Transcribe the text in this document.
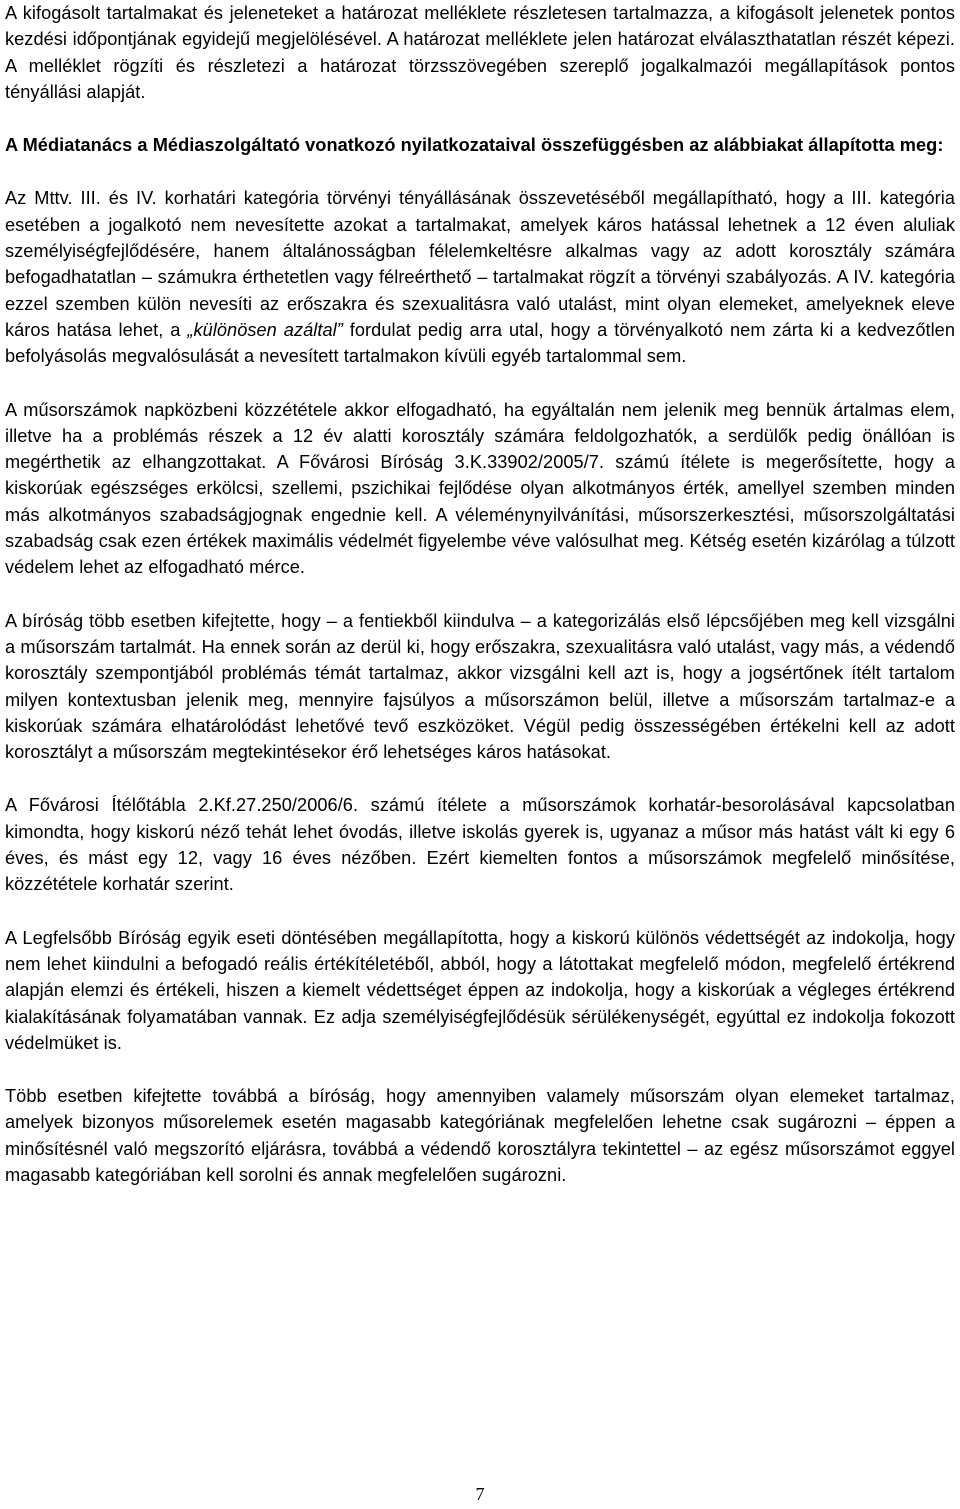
A kifogásolt tartalmakat és jeleneteket a határozat melléklete részletesen tartalmazza, a kifogásolt jelenetek pontos kezdési időpontjának egyidejű megjelölésével. A határozat melléklete jelen határozat elválaszthatatlan részét képezi. A melléklet rögzíti és részletezi a határozat törzsszövegében szereplő jogalkalmazói megállapítások pontos tényállási alapját.

A Médiatanács a Médiaszolgáltató vonatkozó nyilatkozataival összefüggésben az alábbiakat állapította meg:

Az Mttv. III. és IV. korhatári kategória törvényi tényállásának összevetéséből megállapítható, hogy a III. kategória esetében a jogalkotó nem nevesítette azokat a tartalmakat, amelyek káros hatással lehetnek a 12 éven aluliak személyiségfejlődésére, hanem általánosságban félelemkeltésre alkalmas vagy az adott korosztály számára befogadhatatlan – számukra érthetetlen vagy félreérthető – tartalmakat rögzít a törvényi szabályozás. A IV. kategória ezzel szemben külön nevesíti az erőszakra és szexualitásra való utalást, mint olyan elemeket, amelyeknek eleve káros hatása lehet, a „különösen azáltal” fordulat pedig arra utal, hogy a törvényalkotó nem zárta ki a kedvezőtlen befolyásolás megvalósulását a nevesített tartalmakon kívüli egyéb tartalommal sem.

A műsorszámok napközbeni közzététele akkor elfogadható, ha egyáltalán nem jelenik meg bennük ártalmas elem, illetve ha a problémás részek a 12 év alatti korosztály számára feldolgozhatók, a serdülők pedig önállóan is megérthetik az elhangzottakat. A Fővárosi Bíróság 3.K.33902/2005/7. számú ítélete is megerősítette, hogy a kiskorúak egészséges erkölcsi, szellemi, pszichikai fejlődése olyan alkotmányos érték, amellyel szemben minden más alkotmányos szabadságjognak engednie kell. A véleménynyilvánítási, műsorszerkesztési, műsorszolgáltatási szabadság csak ezen értékek maximális védelmét figyelembe véve valósulhat meg. Kétség esetén kizárólag a túlzott védelem lehet az elfogadható mérce.

A bíróság több esetben kifejtette, hogy – a fentiekből kiindulva – a kategorizálás első lépcsőjében meg kell vizsgálni a műsorszám tartalmát. Ha ennek során az derül ki, hogy erőszakra, szexualitásra való utalást, vagy más, a védendő korosztály szempontjából problémás témát tartalmaz, akkor vizsgálni kell azt is, hogy a jogsértőnek ítélt tartalom milyen kontextusban jelenik meg, mennyire fajsúlyos a műsorszámon belül, illetve a műsorszám tartalmaz-e a kiskorúak számára elhatárolódást lehetővé tevő eszközöket. Végül pedig összességében értékelni kell az adott korosztályt a műsorszám megtekintésekor érő lehetséges káros hatásokat.

A Fővárosi Ítélőtábla 2.Kf.27.250/2006/6. számú ítélete a műsorszámok korhatár-besorolásával kapcsolatban kimondta, hogy kiskorú néző tehát lehet óvodás, illetve iskolás gyerek is, ugyanaz a műsor más hatást vált ki egy 6 éves, és mást egy 12, vagy 16 éves nézőben. Ezért kiemelten fontos a műsorszámok megfelelő minősítése, közzététele korhatár szerint.

A Legfelsőbb Bíróság egyik eseti döntésében megállapította, hogy a kiskorú különös védettségét az indokolja, hogy nem lehet kiindulni a befogadó reális értékítéletéből, abból, hogy a látottakat megfelelő módon, megfelelő értékrend alapján elemzi és értékeli, hiszen a kiemelt védettséget éppen az indokolja, hogy a kiskorúak a végleges értékrend kialakításának folyamatában vannak. Ez adja személyiségfejlődésük sérülékenységét, egyúttal ez indokolja fokozott védelmüket is.

Több esetben kifejtette továbbá a bíróság, hogy amennyiben valamely műsorszám olyan elemeket tartalmaz, amelyek bizonyos műsorelemek esetén magasabb kategóriának megfelelően lehetne csak sugározni – éppen a minősítésnél való megszorító eljárásra, továbbá a védendő korosztályra tekintettel – az egész műsorszámot eggyel magasabb kategóriában kell sorolni és annak megfelelően sugározni.

7
